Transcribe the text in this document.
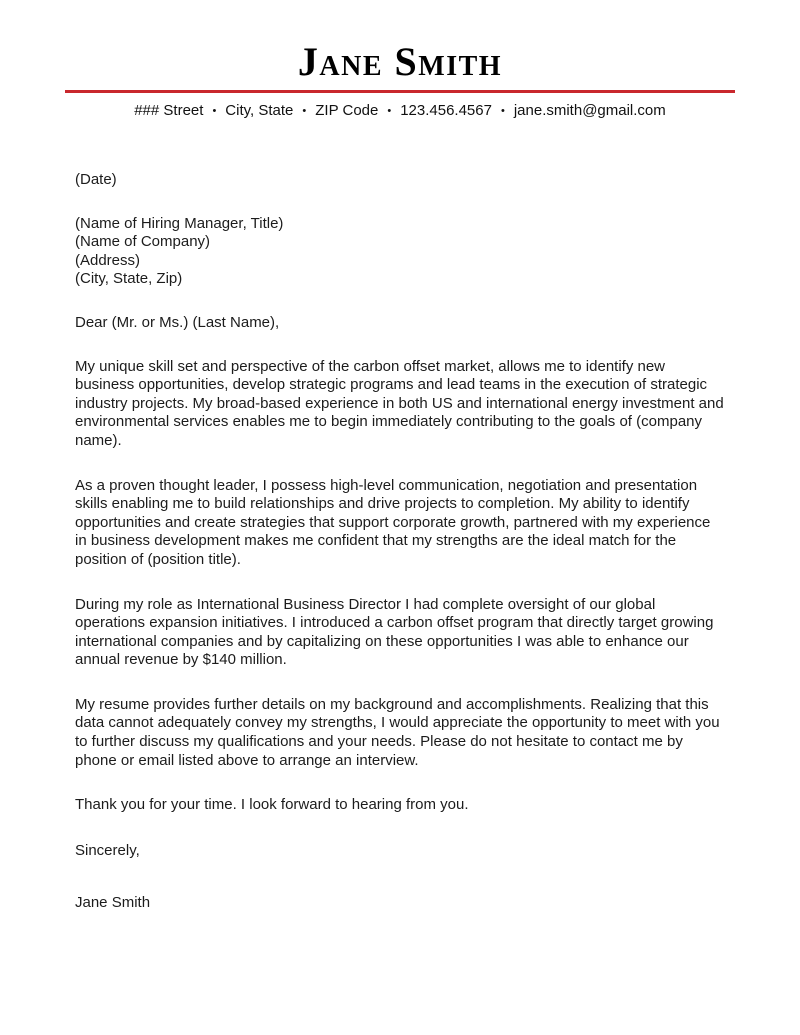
Jane Smith
### Street • City, State • ZIP Code • 123.456.4567 • jane.smith@gmail.com
(Date)
(Name of Hiring Manager, Title)
(Name of Company)
(Address)
(City, State, Zip)
Dear (Mr. or Ms.) (Last Name),

My unique skill set and perspective of the carbon offset market, allows me to identify new business opportunities, develop strategic programs and lead teams in the execution of strategic industry projects. My broad-based experience in both US and international energy investment and environmental services enables me to begin immediately contributing to the goals of (company name).

As a proven thought leader, I possess high-level communication, negotiation and presentation skills enabling me to build relationships and drive projects to completion. My ability to identify opportunities and create strategies that support corporate growth, partnered with my experience in business development makes me confident that my strengths are the ideal match for the position of (position title).

During my role as International Business Director I had complete oversight of our global operations expansion initiatives. I introduced a carbon offset program that directly target growing international companies and by capitalizing on these opportunities I was able to enhance our annual revenue by $140 million.

My resume provides further details on my background and accomplishments. Realizing that this data cannot adequately convey my strengths, I would appreciate the opportunity to meet with you to further discuss my qualifications and your needs. Please do not hesitate to contact me by phone or email listed above to arrange an interview.

Thank you for your time. I look forward to hearing from you.
Sincerely,
Jane Smith
